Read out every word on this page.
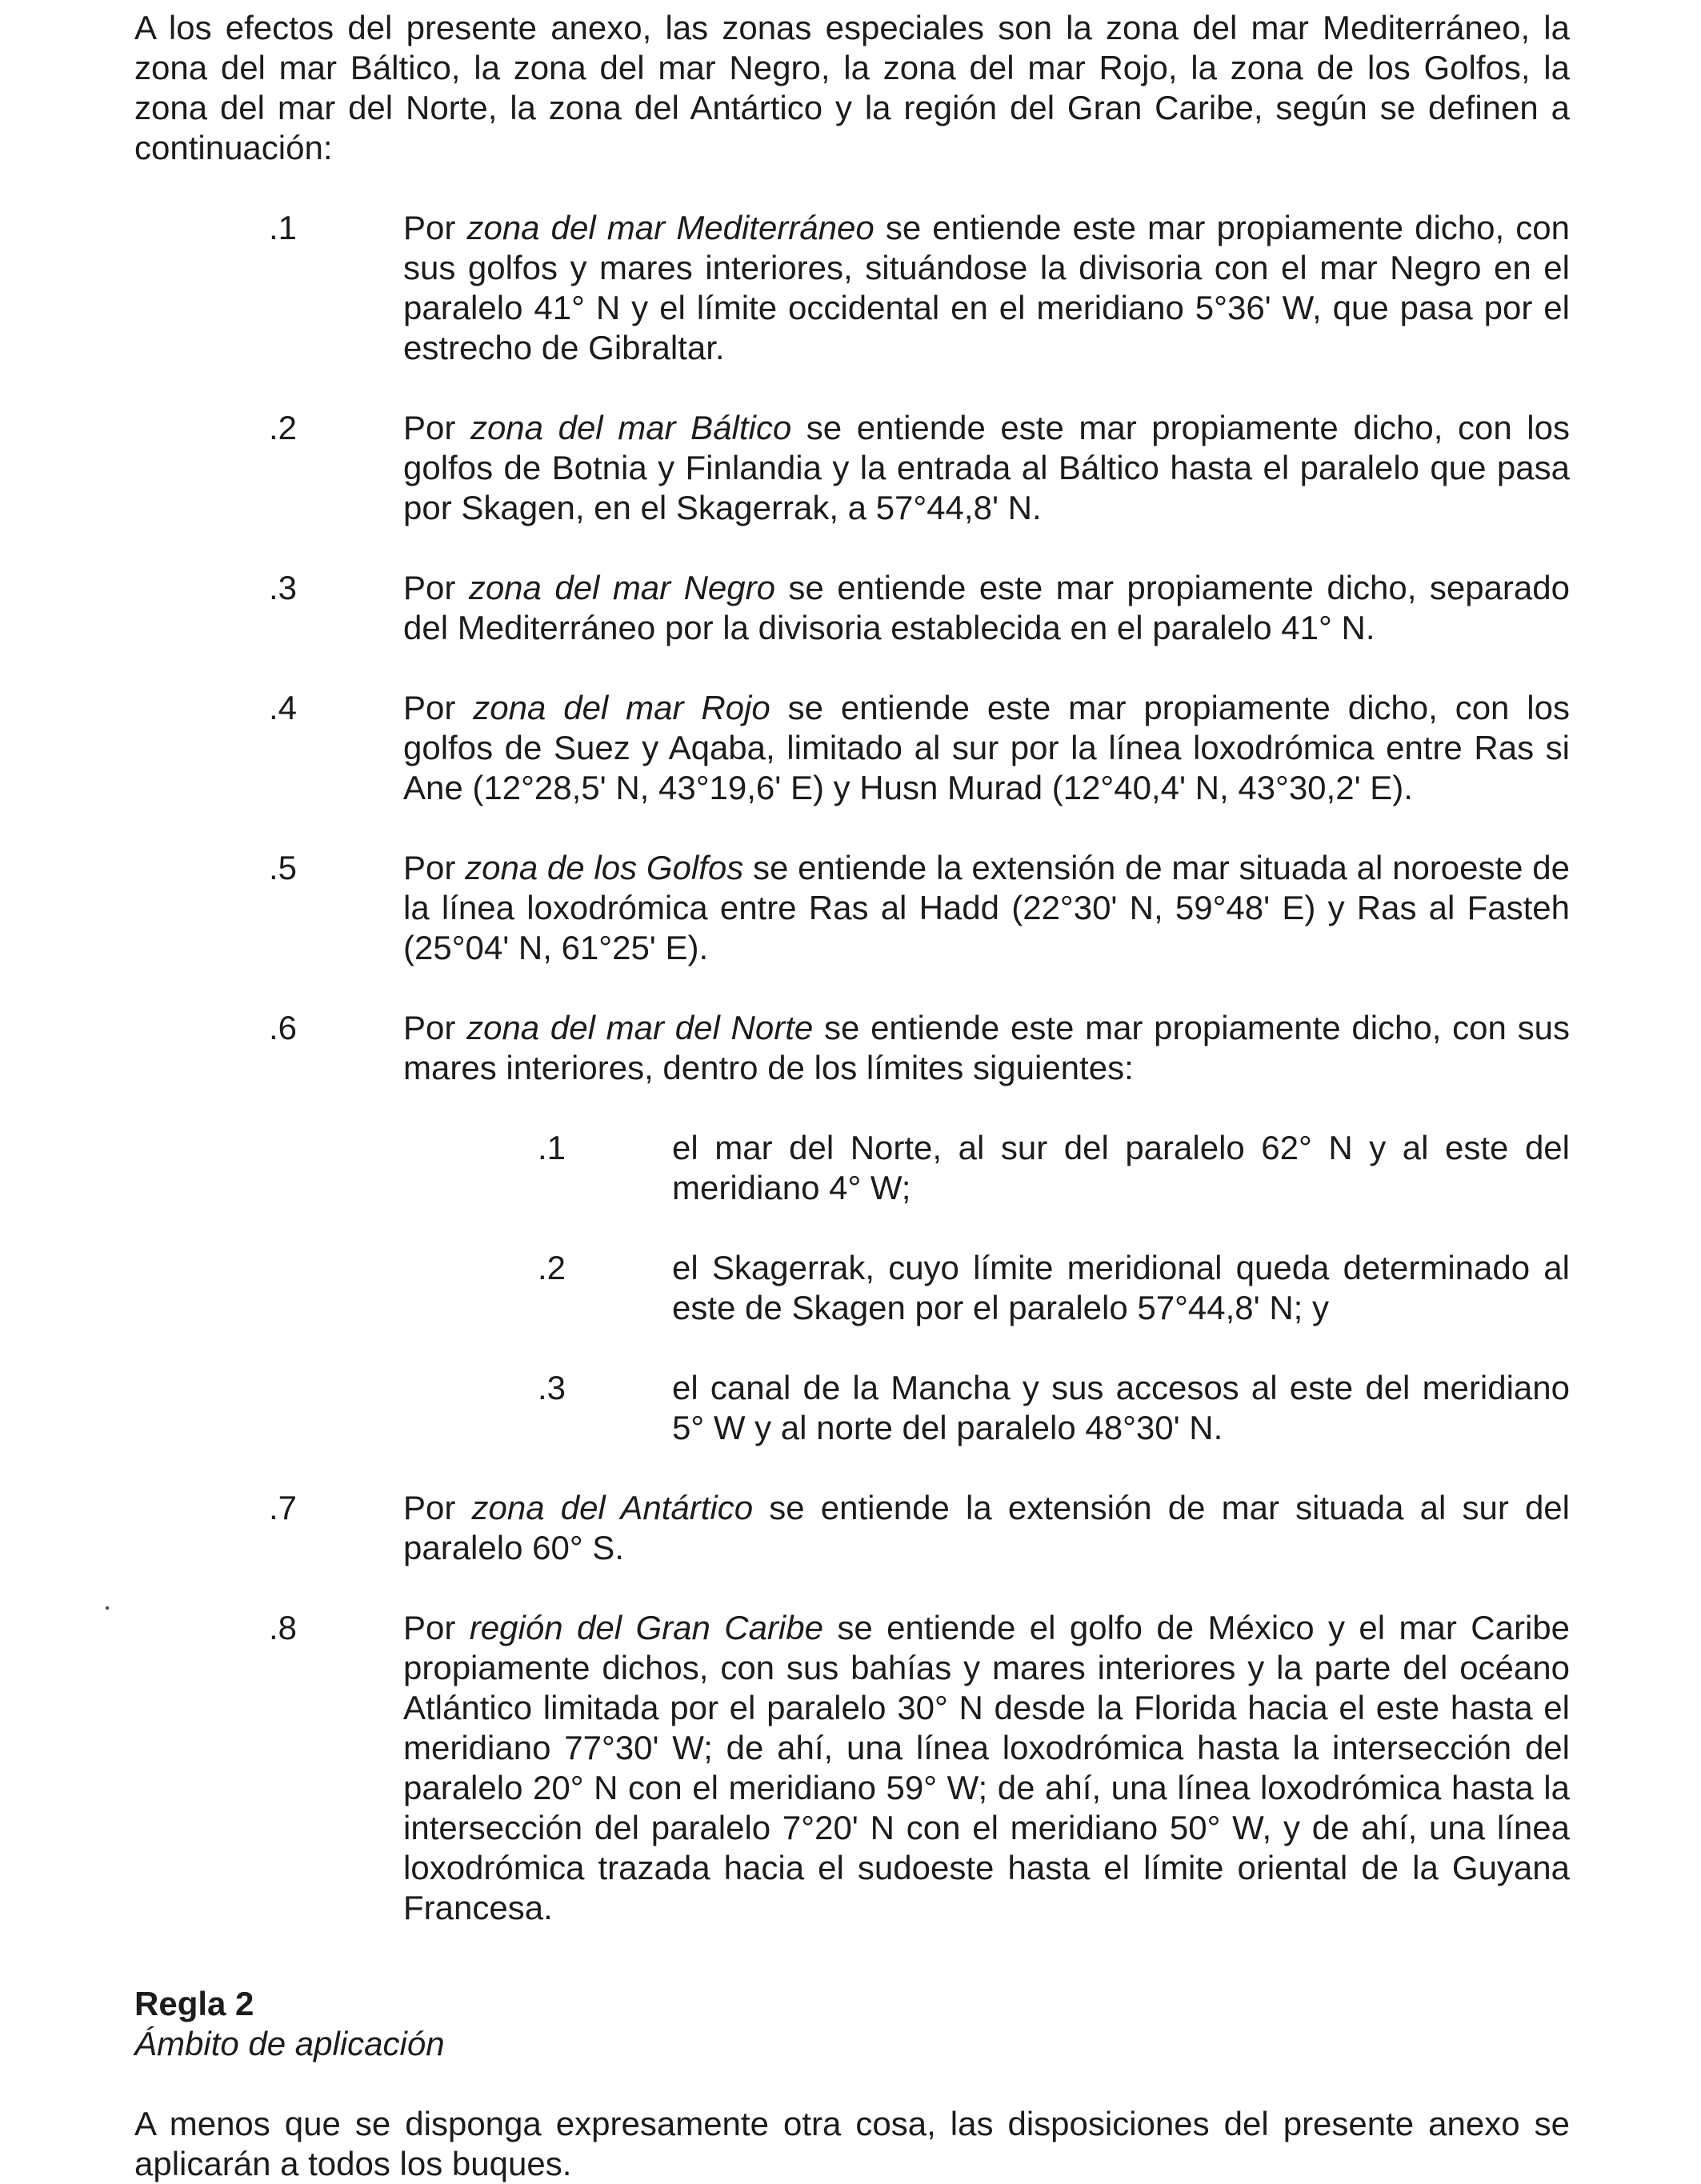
A los efectos del presente anexo, las zonas especiales son la zona del mar Mediterráneo, la zona del mar Báltico, la zona del mar Negro, la zona del mar Rojo, la zona de los Golfos, la zona del mar del Norte, la zona del Antártico y la región del Gran Caribe, según se definen a continuación:

.1	Por zona del mar Mediterráneo se entiende este mar propiamente dicho, con sus golfos y mares interiores, situándose la divisoria con el mar Negro en el paralelo 41° N y el límite occidental en el meridiano 5°36' W, que pasa por el estrecho de Gibraltar.

.2	Por zona del mar Báltico se entiende este mar propiamente dicho, con los golfos de Botnia y Finlandia y la entrada al Báltico hasta el paralelo que pasa por Skagen, en el Skagerrak, a 57°44,8' N.

.3	Por zona del mar Negro se entiende este mar propiamente dicho, separado del Mediterráneo por la divisoria establecida en el paralelo 41° N.

.4	Por zona del mar Rojo se entiende este mar propiamente dicho, con los golfos de Suez y Aqaba, limitado al sur por la línea loxodrómica entre Ras si Ane (12°28,5' N, 43°19,6' E) y Husn Murad (12°40,4' N, 43°30,2' E).

.5	Por zona de los Golfos se entiende la extensión de mar situada al noroeste de la línea loxodrómica entre Ras al Hadd (22°30' N, 59°48' E) y Ras al Fasteh (25°04' N, 61°25' E).

.6	Por zona del mar del Norte se entiende este mar propiamente dicho, con sus mares interiores, dentro de los límites siguientes:

.1	el mar del Norte, al sur del paralelo 62° N y al este del meridiano 4° W;

.2	el Skagerrak, cuyo límite meridional queda determinado al este de Skagen por el paralelo 57°44,8' N; y

.3	el canal de la Mancha y sus accesos al este del meridiano 5° W y al norte del paralelo 48°30' N.

.7	Por zona del Antártico se entiende la extensión de mar situada al sur del paralelo 60° S.

.8	Por región del Gran Caribe se entiende el golfo de México y el mar Caribe propiamente dichos, con sus bahías y mares interiores y la parte del océano Atlántico limitada por el paralelo 30° N desde la Florida hacia el este hasta el meridiano 77°30' W; de ahí, una línea loxodrómica hasta la intersección del paralelo 20° N con el meridiano 59° W; de ahí, una línea loxodrómica hasta la intersección del paralelo 7°20' N con el meridiano 50° W, y de ahí, una línea loxodrómica trazada hacia el sudoeste hasta el límite oriental de la Guyana Francesa.

Regla 2
Ámbito de aplicación

A menos que se disponga expresamente otra cosa, las disposiciones del presente anexo se aplicarán a todos los buques.
